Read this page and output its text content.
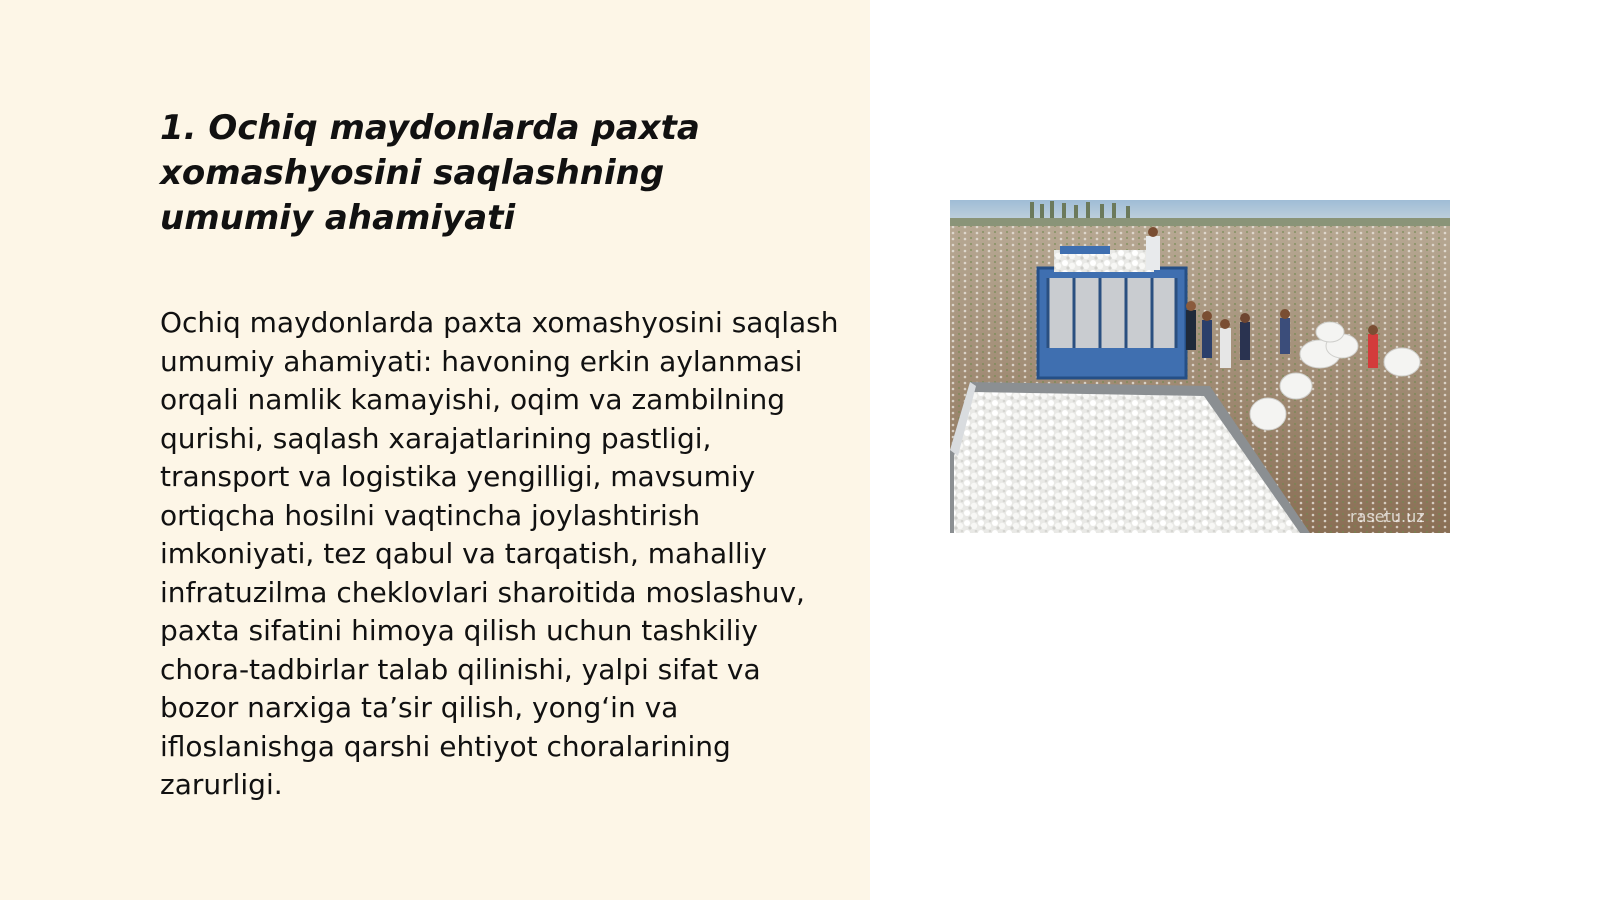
1. Ochiq maydonlarda paxta xomashyosini saqlashning umumiy ahamiyati

Ochiq maydonlarda paxta xomashyosini saqlash umumiy ahamiyati: havoning erkin aylanmasi orqali namlik kamayishi, oqim va zambilning qurishi, saqlash xarajatlarining pastligi, transport va logistika yengilligi, mavsumiy ortiqcha hosilni vaqtincha joylashtirish imkoniyati, tez qabul va tarqatish, mahalliy infratuzilma cheklovlari sharoitida moslashuv, paxta sifatini himoya qilish uchun tashkiliy chora-tadbirlar talab qilinishi, yalpi sifat va bozor narxiga ta’sir qilish, yong‘in va ifloslanishga qarshi ehtiyot choralarining zarurligi.

rasetu.uz
